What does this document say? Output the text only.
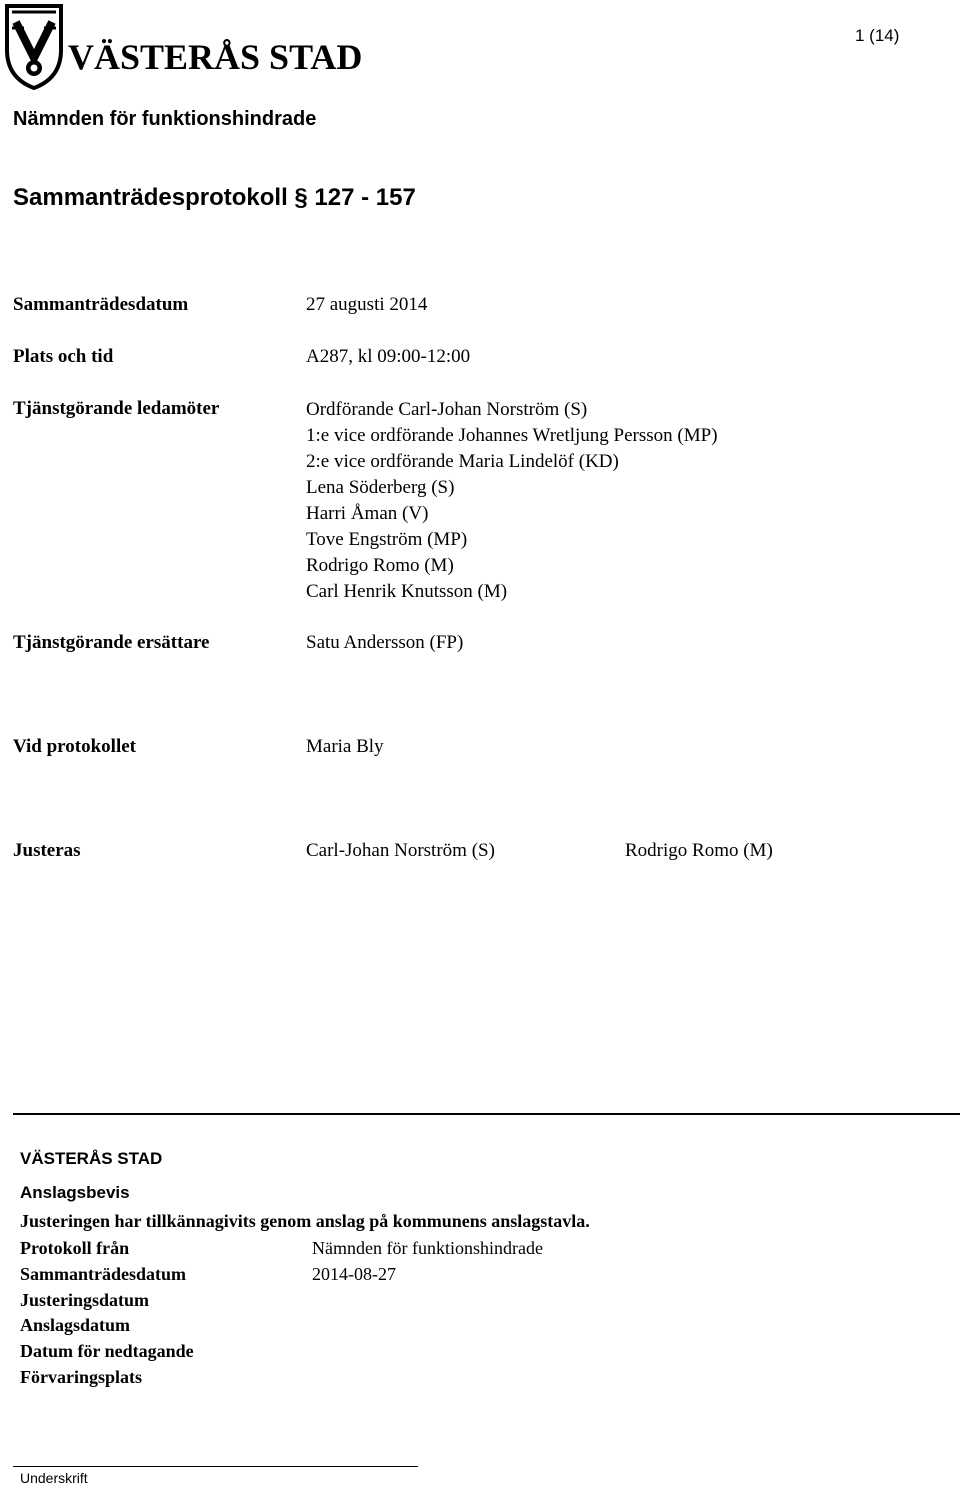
VÄSTERÅS STAD
1 (14)
Nämnden för funktionshindrade
Sammanträdesprotokoll § 127 - 157
Sammanträdesdatum	27 augusti 2014
Plats och tid	A287, kl 09:00-12:00
Tjänstgörande ledamöter	Ordförande Carl-Johan Norström (S)
1:e vice ordförande Johannes Wretljung Persson (MP)
2:e vice ordförande Maria Lindelöf (KD)
Lena Söderberg (S)
Harri Åman (V)
Tove Engström (MP)
Rodrigo Romo (M)
Carl Henrik Knutsson (M)
Tjänstgörande ersättare	Satu Andersson (FP)
Vid protokollet	Maria Bly
Justeras	Carl-Johan Norström (S)	Rodrigo Romo (M)
VÄSTERÅS STAD
Anslagsbevis
Justeringen har tillkännagivits genom anslag på kommunens anslagstavla.
Protokoll från	Nämnden för funktionshindrade
Sammanträdesdatum	2014-08-27
Justeringsdatum
Anslagsdatum
Datum för nedtagande
Förvaringsplats
Underskrift
